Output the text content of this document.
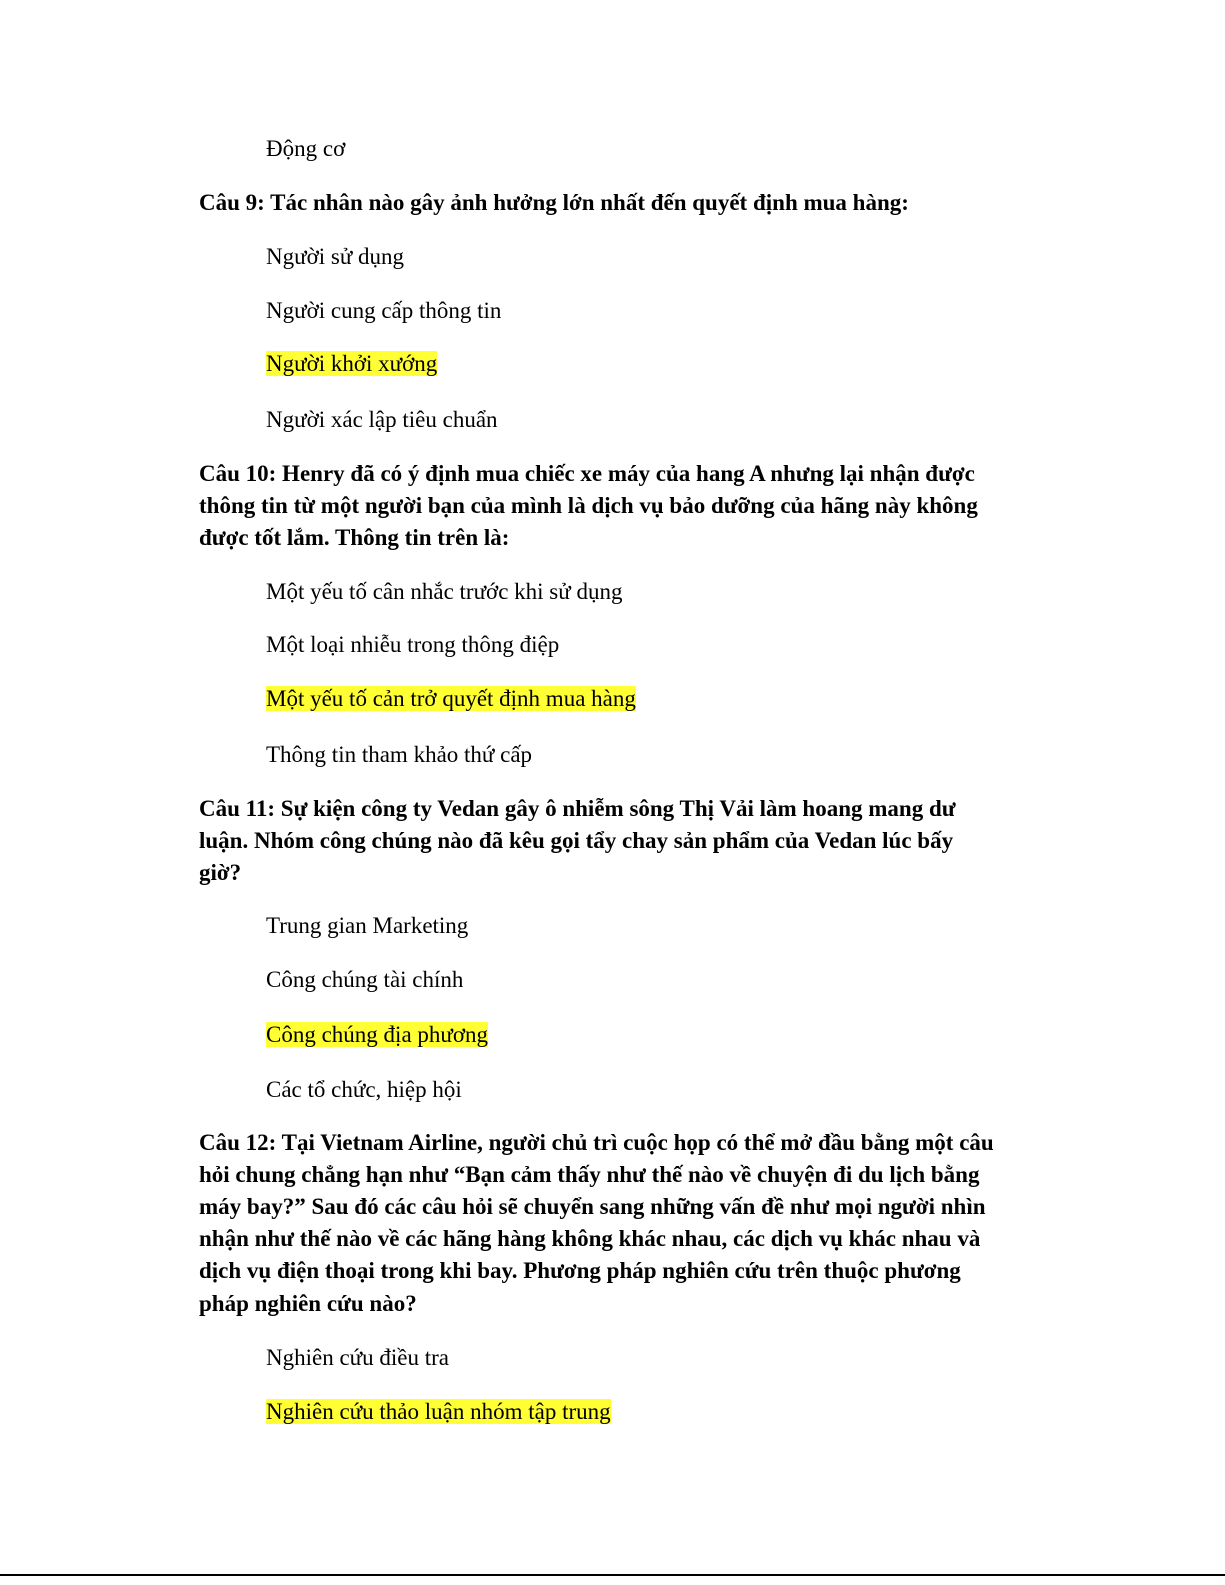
Động cơ
Câu 9: Tác nhân nào gây ảnh hưởng lớn nhất đến quyết định mua hàng:
Người sử dụng
Người cung cấp thông tin
Người khởi xướng
Người xác lập tiêu chuẩn
Câu 10: Henry đã có ý định mua chiếc xe máy của hang A nhưng lại nhận được
thông tin từ một người bạn của mình là dịch vụ bảo dưỡng của hãng này không
được tốt lắm. Thông tin trên là:
Một yếu tố cân nhắc trước khi sử dụng
Một loại nhiễu trong thông điệp
Một yếu tố cản trở quyết định mua hàng
Thông tin tham khảo thứ cấp
Câu 11: Sự kiện công ty Vedan gây ô nhiễm sông Thị Vải làm hoang mang dư
luận. Nhóm công chúng nào đã kêu gọi tẩy chay sản phẩm của Vedan lúc bấy
giờ?
Trung gian Marketing
Công chúng tài chính
Công chúng địa phương
Các tổ chức, hiệp hội
Câu 12: Tại Vietnam Airline, người chủ trì cuộc họp có thể mở đầu bằng một câu
hỏi chung chẳng hạn như “Bạn cảm thấy như thế nào về chuyện đi du lịch bằng
máy bay?” Sau đó các câu hỏi sẽ chuyển sang những vấn đề như mọi người nhìn
nhận như thế nào về các hãng hàng không khác nhau, các dịch vụ khác nhau và
dịch vụ điện thoại trong khi bay. Phương pháp nghiên cứu trên thuộc phương
pháp nghiên cứu nào?
Nghiên cứu điều tra
Nghiên cứu thảo luận nhóm tập trung
